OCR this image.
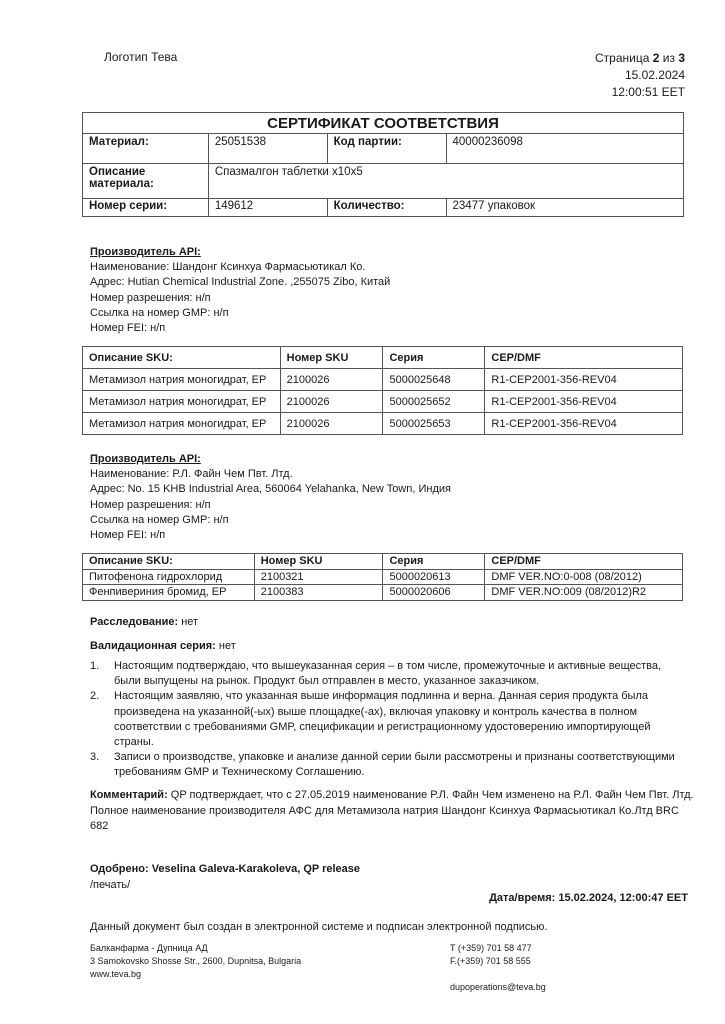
Логотип Тева	Страница 2 из 3
15.02.2024
12:00:51 EET
СЕРТИФИКАТ СООТВЕТСТВИЯ			
Материал:	25051538	Код партии:	40000236098
Описание материала:	Спазмалгон таблетки x10x5		
Номер серии:	149612	Количество:	23477 упаковок
Производитель API:
Наименование: Шандонг Ксинхуа Фармасьютикал Ко.
Адрес: Hutian Chemical Industrial Zone. ,255075 Zibo, Китай
Номер разрешения: н/п
Ссылка на номер GMP: н/п
Номер FEI: н/п
Описание SKU:	Номер SKU	Серия	CEP/DMF
Метамизол натрия моногидрат, EP	2100026	5000025648	R1-CEP2001-356-REV04
Метамизол натрия моногидрат, EP	2100026	5000025652	R1-CEP2001-356-REV04
Метамизол натрия моногидрат, EP	2100026	5000025653	R1-CEP2001-356-REV04
Производитель API:
Наименование: Р.Л. Файн Чем Пвт. Лтд.
Адрес: No. 15 KHB Industrial Area, 560064 Yelahanka, New Town, Индия
Номер разрешения: н/п
Ссылка на номер GMP: н/п
Номер FEI: н/п
Описание SKU:	Номер SKU	Серия	CEP/DMF
Питофенона гидрохлорид	2100321	5000020613	DMF VER.NO:0-008 (08/2012)
Фенпивериния бромид, EP	2100383	5000020606	DMF VER.NO:009 (08/2012)R2
Расследование: нет
Валидационная серия: нет
1. Настоящим подтверждаю, что вышеуказанная серия – в том числе, промежуточные и активные вещества, были выпущены на рынок. Продукт был отправлен в место, указанное заказчиком.
2. Настоящим заявляю, что указанная выше информация подлинна и верна. Данная серия продукта была произведена на указанной(-ых) выше площадке(-ах), включая упаковку и контроль качества в полном соответствии с требованиями GMP, спецификации и регистрационному удостоверению импортирующей страны.
3. Записи о производстве, упаковке и анализе данной серии были рассмотрены и признаны соответствующими требованиям GMP и Техническому Соглашению.
Комментарий: QP подтверждает, что с 27.05.2019 наименование Р.Л. Файн Чем изменено на Р.Л. Файн Чем Пвт. Лтд.
Полное наименование производителя АФС для Метамизола натрия Шандонг Ксинхуа Фармасьютикал Ко.Лтд BRC 682
Одобрено: Veselina Galeva-Karakoleva, QP release
/печать/
Дата/время: 15.02.2024, 12:00:47 EET
Данный документ был создан в электронной системе и подписан электронной подписью.
Балканфарма - Дупница АД
3 Samokovsko Shosse Str., 2600, Dupnitsa, Bulgaria
www.teva.bg
T (+359) 701 58 477
F.(+359) 701 58 555
dupoperations@teva.bg
